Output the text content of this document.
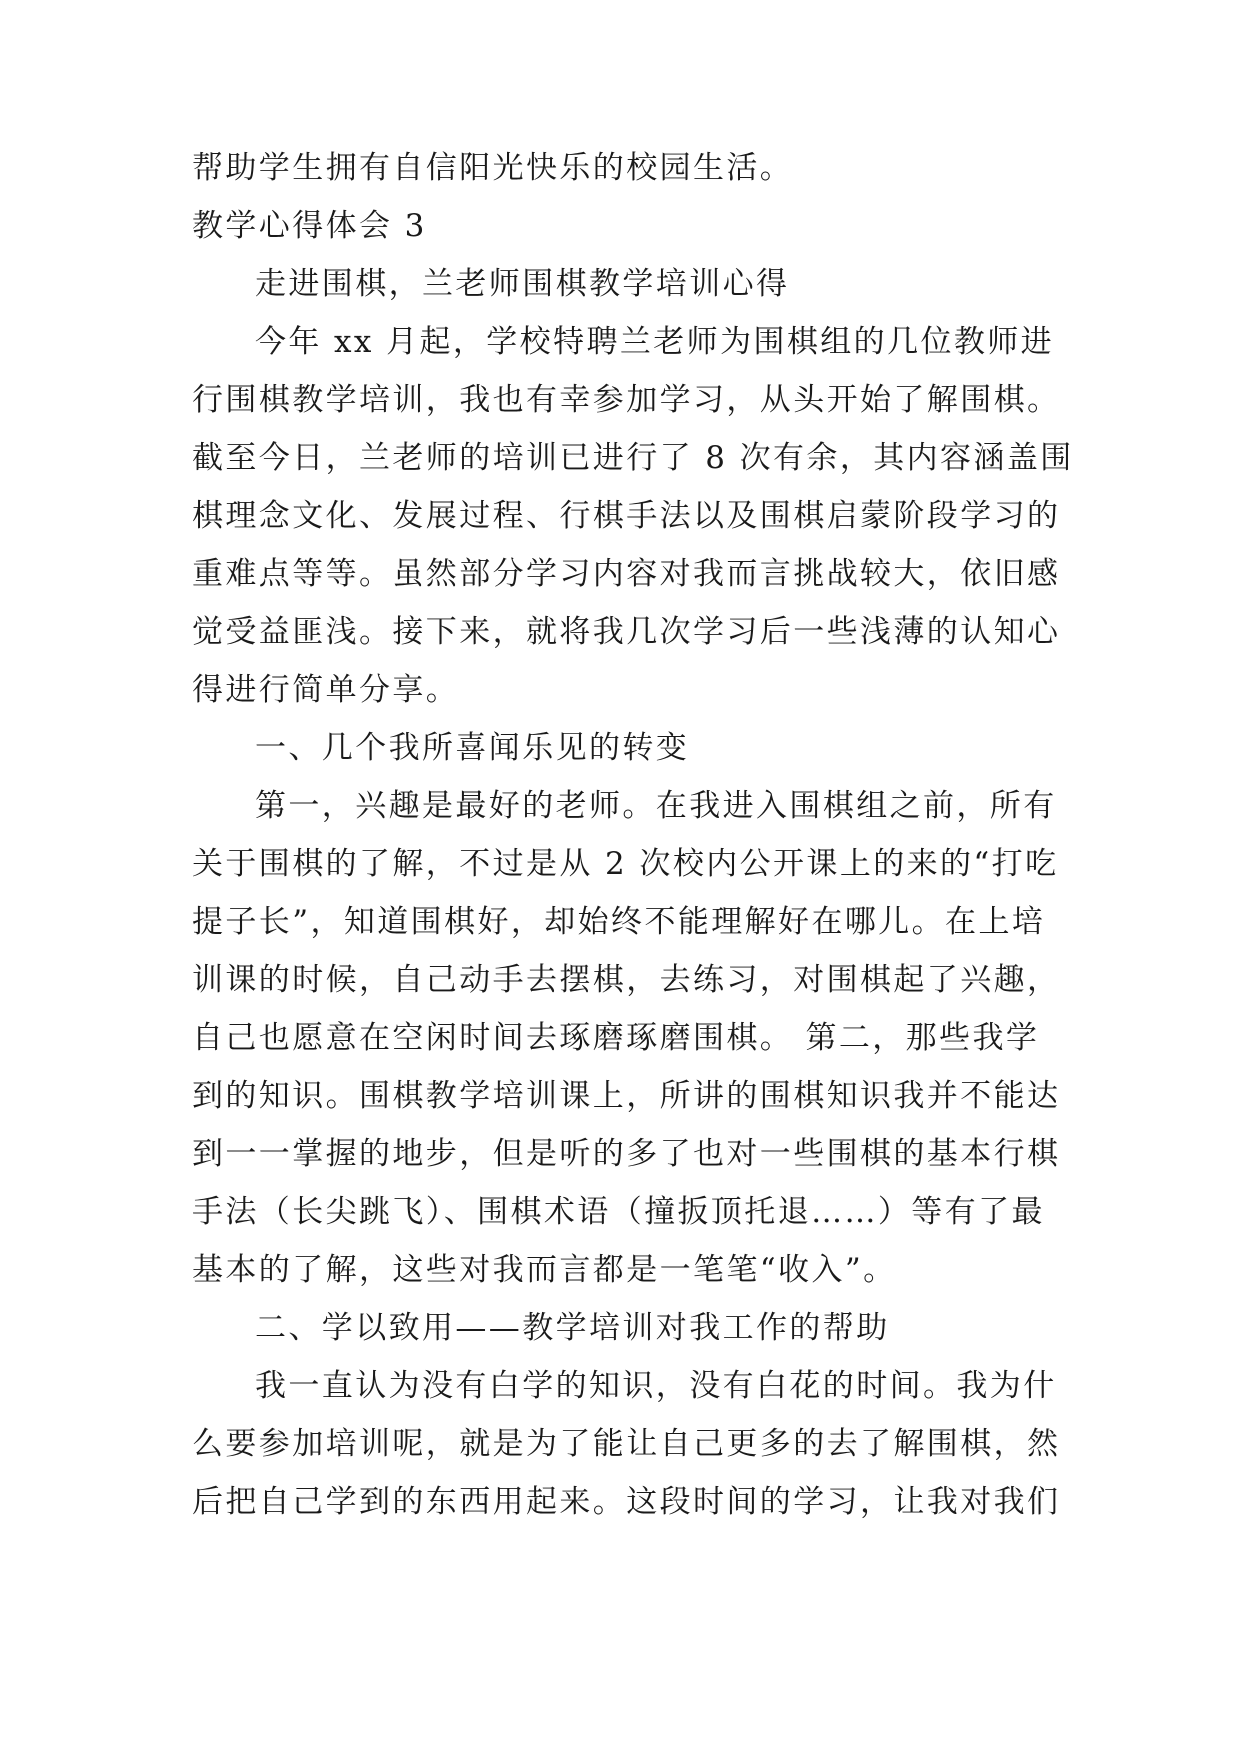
帮助学生拥有自信阳光快乐的校园生活。
教学心得体会 3
走进围棋，兰老师围棋教学培训心得
今年 xx 月起，学校特聘兰老师为围棋组的几位教师进
行围棋教学培训，我也有幸参加学习，从头开始了解围棋。
截至今日，兰老师的培训已进行了 8 次有余，其内容涵盖围
棋理念文化、发展过程、行棋手法以及围棋启蒙阶段学习的
重难点等等。虽然部分学习内容对我而言挑战较大，依旧感
觉受益匪浅。接下来，就将我几次学习后一些浅薄的认知心
得进行简单分享。
一、几个我所喜闻乐见的转变
第一，兴趣是最好的老师。在我进入围棋组之前，所有
关于围棋的了解，不过是从 2 次校内公开课上的来的“打吃
提子长”，知道围棋好，却始终不能理解好在哪儿。在上培
训课的时候，自己动手去摆棋，去练习，对围棋起了兴趣，
自己也愿意在空闲时间去琢磨琢磨围棋。 第二，那些我学
到的知识。围棋教学培训课上，所讲的围棋知识我并不能达
到一一掌握的地步，但是听的多了也对一些围棋的基本行棋
手法（长尖跳飞）、围棋术语（撞扳顶托退……）等有了最
基本的了解，这些对我而言都是一笔笔“收入”。
二、学以致用——教学培训对我工作的帮助
我一直认为没有白学的知识，没有白花的时间。我为什
么要参加培训呢，就是为了能让自己更多的去了解围棋，然
后把自己学到的东西用起来。这段时间的学习，让我对我们
